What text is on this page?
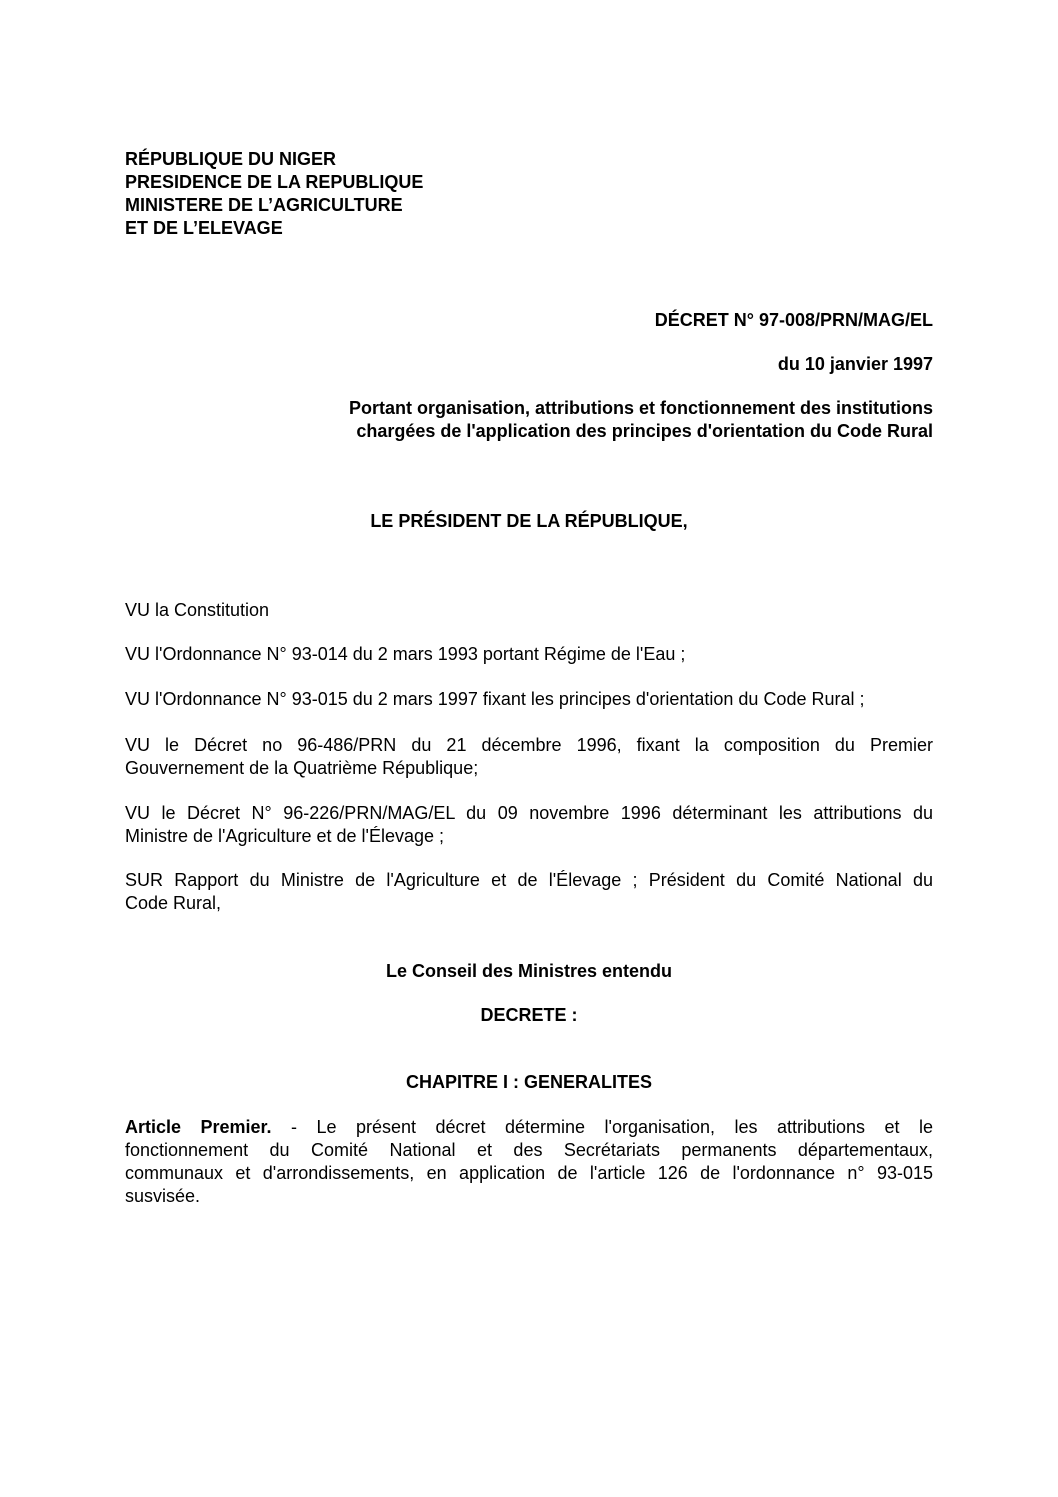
RÉPUBLIQUE DU NIGER
PRESIDENCE DE LA REPUBLIQUE
MINISTERE DE L’AGRICULTURE
ET DE L’ELEVAGE
DÉCRET N° 97-008/PRN/MAG/EL
du 10 janvier 1997
Portant organisation, attributions et fonctionnement des institutions
chargées de l'application des principes d'orientation du Code Rural
LE PRÉSIDENT DE LA RÉPUBLIQUE,
VU la Constitution
VU l'Ordonnance N° 93-014 du 2 mars 1993 portant Régime de l'Eau ;
VU l'Ordonnance N° 93-015 du 2 mars 1997 fixant les principes d'orientation du Code Rural ;
VU le Décret no 96-486/PRN du 21 décembre 1996, fixant la composition du Premier
Gouvernement de la Quatrième République;
VU le Décret N° 96-226/PRN/MAG/EL du 09 novembre 1996 déterminant les attributions du
Ministre de l'Agriculture et de l'Élevage ;
SUR Rapport du Ministre de l'Agriculture et de l'Élevage ; Président du Comité National du
Code Rural,
Le Conseil des Ministres entendu
DECRETE :
CHAPITRE I : GENERALITES
Article Premier. - Le présent décret détermine l'organisation, les attributions et le
fonctionnement du Comité National et des Secrétariats permanents départementaux,
communaux et d'arrondissements, en application de l'article 126 de l'ordonnance n° 93-015
susvisée.
